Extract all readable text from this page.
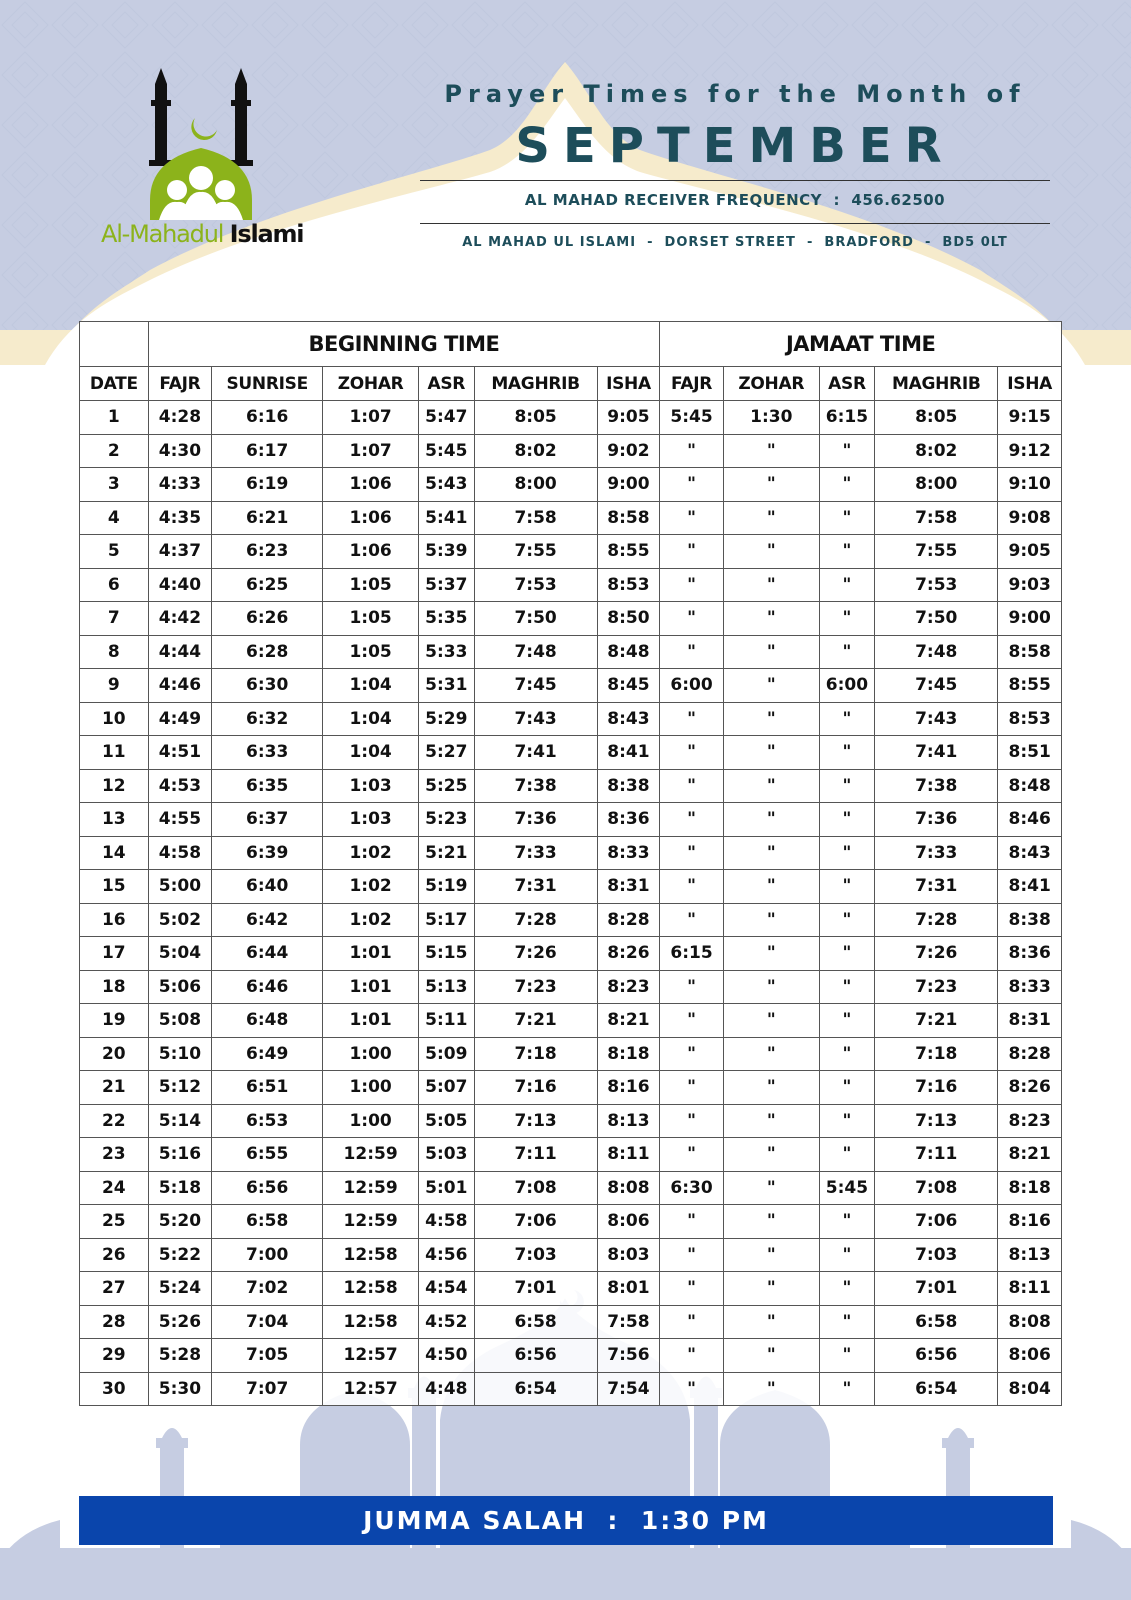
Al-Mahadul Islami
Prayer Times for the Month of
SEPTEMBER
AL MAHAD RECEIVER FREQUENCY  :  456.62500
AL MAHAD UL ISLAMI  -  DORSET STREET  -  BRADFORD  -  BD5 0LT
	BEGINNING TIME						JAMAAT TIME				
DATE	FAJR	SUNRISE	ZOHAR	ASR	MAGHRIB	ISHA	FAJR	ZOHAR	ASR	MAGHRIB	ISHA
1	4:28	6:16	1:07	5:47	8:05	9:05	5:45	1:30	6:15	8:05	9:15
2	4:30	6:17	1:07	5:45	8:02	9:02	"	"	"	8:02	9:12
3	4:33	6:19	1:06	5:43	8:00	9:00	"	"	"	8:00	9:10
4	4:35	6:21	1:06	5:41	7:58	8:58	"	"	"	7:58	9:08
5	4:37	6:23	1:06	5:39	7:55	8:55	"	"	"	7:55	9:05
6	4:40	6:25	1:05	5:37	7:53	8:53	"	"	"	7:53	9:03
7	4:42	6:26	1:05	5:35	7:50	8:50	"	"	"	7:50	9:00
8	4:44	6:28	1:05	5:33	7:48	8:48	"	"	"	7:48	8:58
9	4:46	6:30	1:04	5:31	7:45	8:45	6:00	"	6:00	7:45	8:55
10	4:49	6:32	1:04	5:29	7:43	8:43	"	"	"	7:43	8:53
11	4:51	6:33	1:04	5:27	7:41	8:41	"	"	"	7:41	8:51
12	4:53	6:35	1:03	5:25	7:38	8:38	"	"	"	7:38	8:48
13	4:55	6:37	1:03	5:23	7:36	8:36	"	"	"	7:36	8:46
14	4:58	6:39	1:02	5:21	7:33	8:33	"	"	"	7:33	8:43
15	5:00	6:40	1:02	5:19	7:31	8:31	"	"	"	7:31	8:41
16	5:02	6:42	1:02	5:17	7:28	8:28	"	"	"	7:28	8:38
17	5:04	6:44	1:01	5:15	7:26	8:26	6:15	"	"	7:26	8:36
18	5:06	6:46	1:01	5:13	7:23	8:23	"	"	"	7:23	8:33
19	5:08	6:48	1:01	5:11	7:21	8:21	"	"	"	7:21	8:31
20	5:10	6:49	1:00	5:09	7:18	8:18	"	"	"	7:18	8:28
21	5:12	6:51	1:00	5:07	7:16	8:16	"	"	"	7:16	8:26
22	5:14	6:53	1:00	5:05	7:13	8:13	"	"	"	7:13	8:23
23	5:16	6:55	12:59	5:03	7:11	8:11	"	"	"	7:11	8:21
24	5:18	6:56	12:59	5:01	7:08	8:08	6:30	"	5:45	7:08	8:18
25	5:20	6:58	12:59	4:58	7:06	8:06	"	"	"	7:06	8:16
26	5:22	7:00	12:58	4:56	7:03	8:03	"	"	"	7:03	8:13
27	5:24	7:02	12:58	4:54	7:01	8:01	"	"	"	7:01	8:11
28	5:26	7:04	12:58	4:52	6:58	7:58	"	"	"	6:58	8:08
29	5:28	7:05	12:57	4:50	6:56	7:56	"	"	"	6:56	8:06
30	5:30	7:07	12:57	4:48	6:54	7:54	"	"	"	6:54	8:04
JUMMA SALAH  :  1:30 PM
